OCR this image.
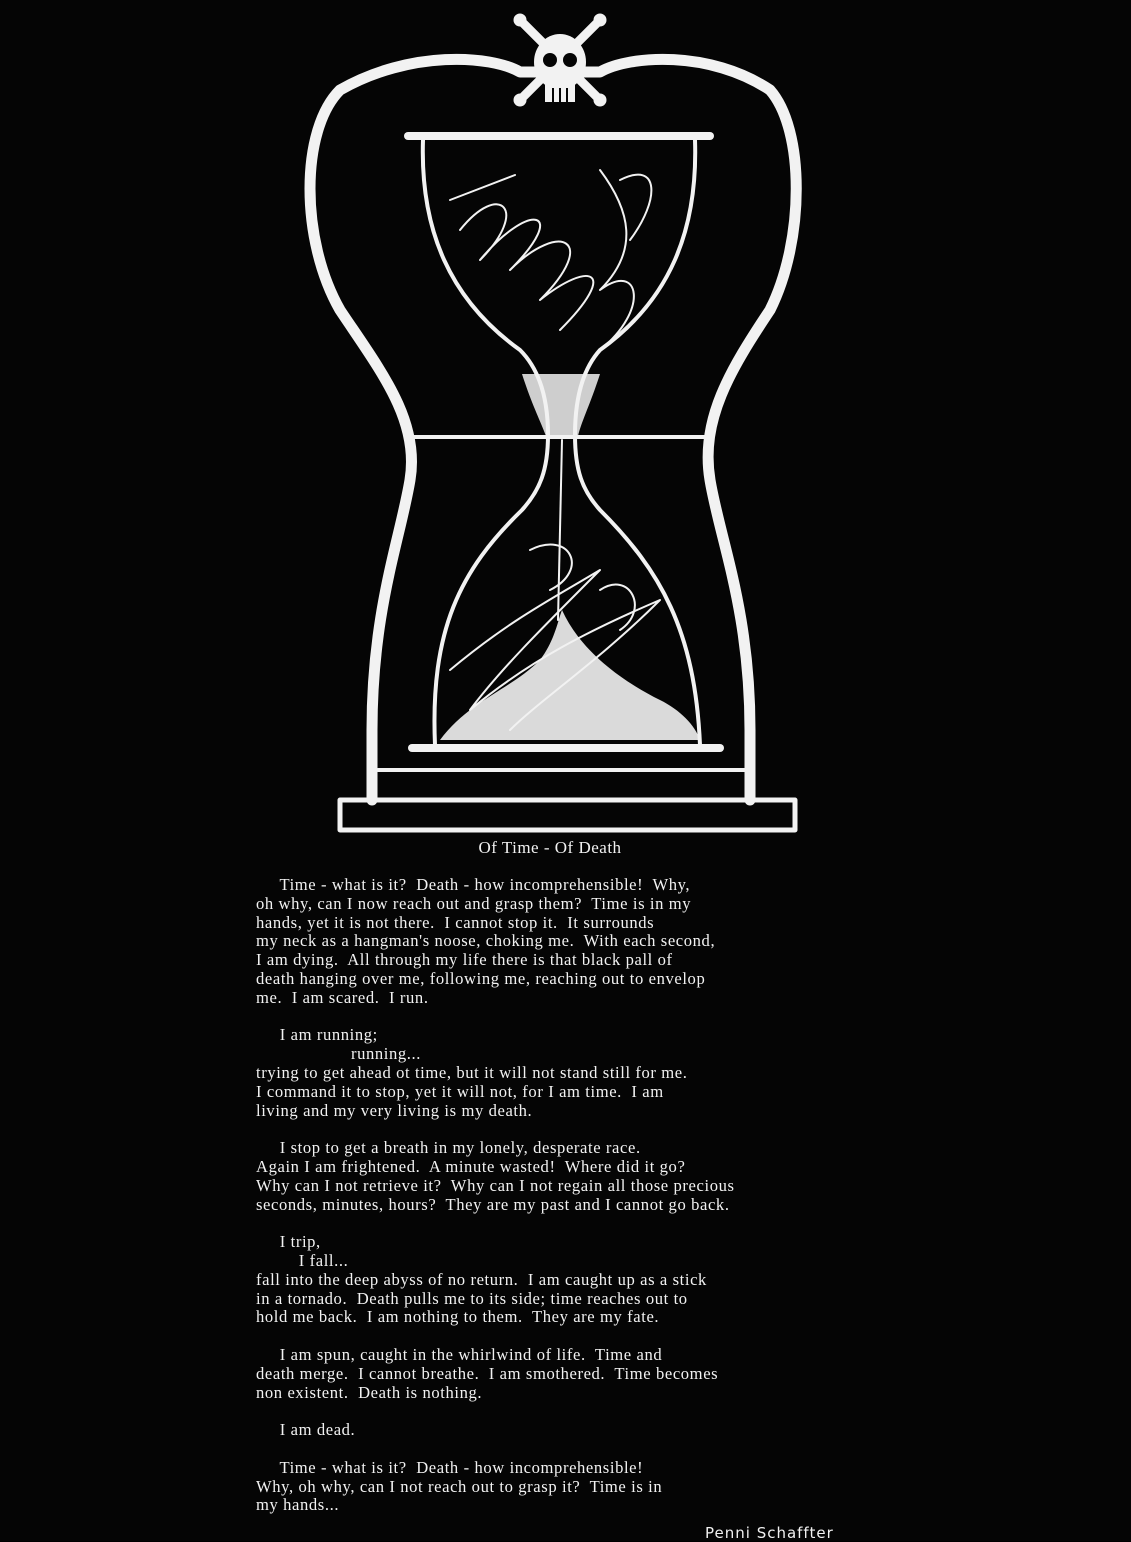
Of Time - Of Death
Time - what is it?  Death - how incomprehensible!  Why,
oh why, can I now reach out and grasp them?  Time is in my
hands, yet it is not there.  I cannot stop it.  It surrounds
my neck as a hangman's noose, choking me.  With each second,
I am dying.  All through my life there is that black pall of
death hanging over me, following me, reaching out to envelop
me.  I am scared.  I run.
I am running;
running...
trying to get ahead ot time, but it will not stand still for me.
I command it to stop, yet it will not, for I am time.  I am
living and my very living is my death.
I stop to get a breath in my lonely, desperate race.
Again I am frightened.  A minute wasted!  Where did it go?
Why can I not retrieve it?  Why can I not regain all those precious
seconds, minutes, hours?  They are my past and I cannot go back.
I trip,
I fall...
fall into the deep abyss of no return.  I am caught up as a stick
in a tornado.  Death pulls me to its side; time reaches out to
hold me back.  I am nothing to them.  They are my fate.
I am spun, caught in the whirlwind of life.  Time and
death merge.  I cannot breathe.  I am smothered.  Time becomes
non existent.  Death is nothing.
I am dead.
Time - what is it?  Death - how incomprehensible!
Why, oh why, can I not reach out to grasp it?  Time is in
my hands...
Penni Schaffter
